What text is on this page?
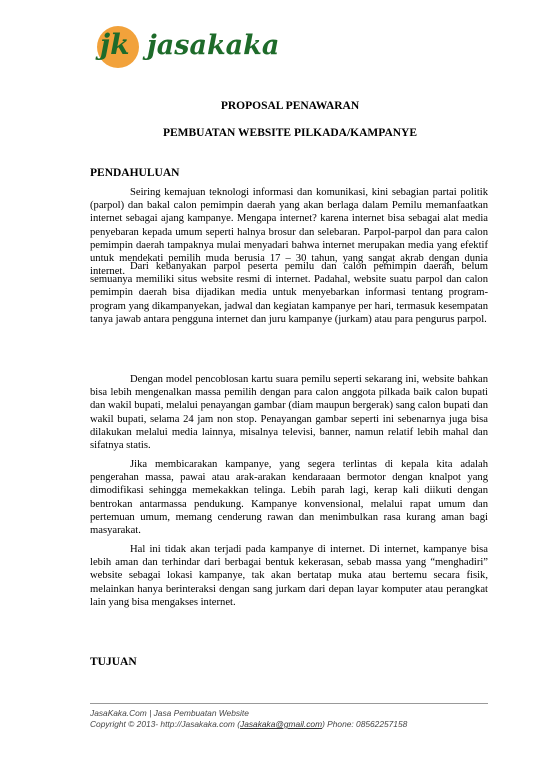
jk jasakaka
PROPOSAL PENAWARAN
PEMBUATAN WEBSITE PILKADA/KAMPANYE
PENDAHULUAN

Seiring kemajuan teknologi informasi dan komunikasi, kini sebagian partai politik (parpol) dan bakal calon pemimpin daerah yang akan berlaga dalam Pemilu memanfaatkan internet sebagai ajang kampanye. Mengapa internet? karena internet bisa sebagai alat media penyebaran kepada umum seperti halnya brosur dan selebaran. Parpol-parpol dan para calon pemimpin daerah tampaknya mulai menyadari bahwa internet merupakan media yang efektif untuk mendekati pemilih muda berusia 17 – 30 tahun, yang sangat akrab dengan dunia internet. Dari kebanyakan parpol peserta pemilu dan calon pemimpin daerah, belum semuanya memiliki situs website resmi di internet. Padahal, website suatu parpol dan calon pemimpin daerah bisa dijadikan media untuk menyebarkan informasi tentang program-program yang dikampanyekan, jadwal dan kegiatan kampanye per hari, termasuk kesempatan tanya jawab antara pengguna internet dan juru kampanye (jurkam) atau para pengurus parpol.

Dengan model pencoblosan kartu suara pemilu seperti sekarang ini, website bahkan bisa lebih mengenalkan massa pemilih dengan para calon anggota pilkada baik calon bupati dan wakil bupati, melalui penayangan gambar (diam maupun bergerak) sang calon bupati dan wakil bupati, selama 24 jam non stop. Penayangan gambar seperti ini sebenarnya juga bisa dilakukan melalui media lainnya, misalnya televisi, banner, namun relatif lebih mahal dan sifatnya statis.

Jika membicarakan kampanye, yang segera terlintas di kepala kita adalah pengerahan massa, pawai atau arak-arakan kendaraaan bermotor dengan knalpot yang dimodifikasi sehingga memekakkan telinga. Lebih parah lagi, kerap kali diikuti dengan bentrokan antarmassa pendukung. Kampanye konvensional, melalui rapat umum dan pertemuan umum, memang cenderung rawan dan menimbulkan rasa kurang aman bagi masyarakat.

Hal ini tidak akan terjadi pada kampanye di internet. Di internet, kampanye bisa lebih aman dan terhindar dari berbagai bentuk kekerasan, sebab massa yang “menghadiri” website sebagai lokasi kampanye, tak akan bertatap muka atau bertemu secara fisik, melainkan hanya berinteraksi dengan sang jurkam dari depan layar komputer atau perangkat lain yang bisa mengakses internet.

TUJUAN
JasaKaka.Com | Jasa Pembuatan Website
Copyright © 2013- http://Jasakaka.com (Jasakaka@gmail.com) Phone: 08562257158
